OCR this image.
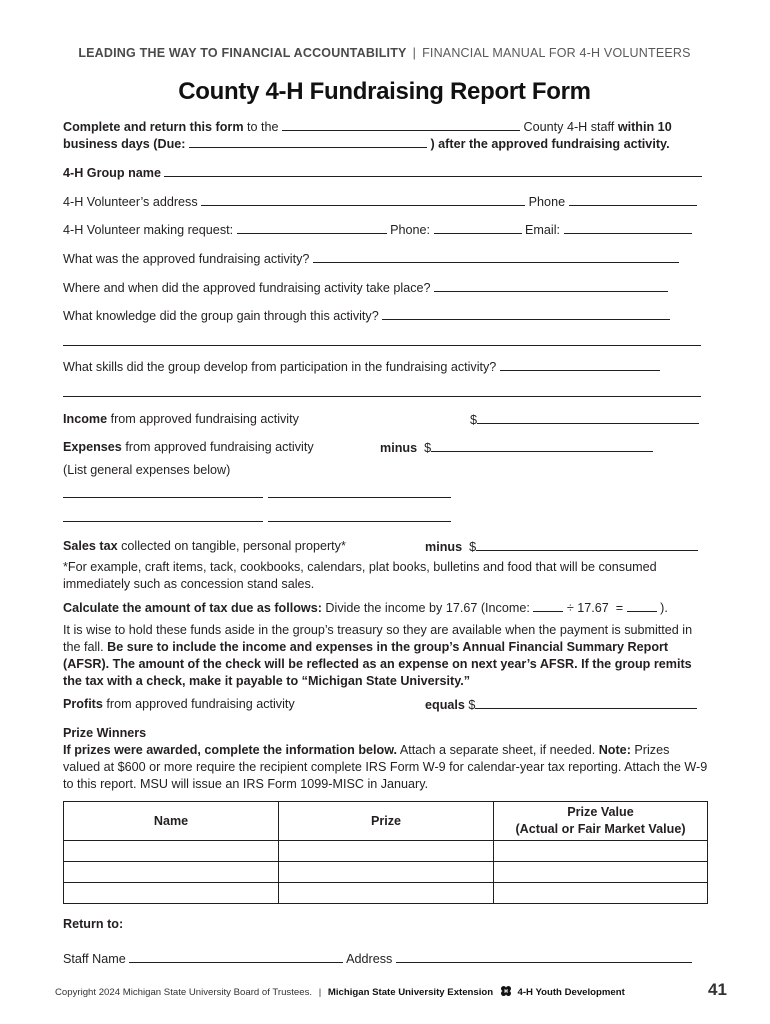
LEADING THE WAY TO FINANCIAL ACCOUNTABILITY | FINANCIAL MANUAL FOR 4-H VOLUNTEERS
County 4-H Fundraising Report Form
Complete and return this form to the	County 4-H staff within 10
business days (Due:	) after the approved fundraising activity.
4-H Group name
4-H Volunteer’s address	Phone
4-H Volunteer making request:	Phone:	Email:
What was the approved fundraising activity?
Where and when did the approved fundraising activity take place?
What knowledge did the group gain through this activity?
What skills did the group develop from participation in the fundraising activity?
Income from approved fundraising activity	$
Expenses from approved fundraising activity	minus $
(List general expenses below)
Sales tax collected on tangible, personal property*	minus $
*For example, craft items, tack, cookbooks, calendars, plat books, bulletins and food that will be consumed immediately such as concession stand sales.
Calculate the amount of tax due as follows: Divide the income by 17.67 (Income:	÷ 17.67 =	).
It is wise to hold these funds aside in the group’s treasury so they are available when the payment is submitted in the fall. Be sure to include the income and expenses in the group’s Annual Financial Summary Report (AFSR). The amount of the check will be reflected as an expense on next year’s AFSR. If the group remits the tax with a check, make it payable to “Michigan State University.”
Profits from approved fundraising activity	equals $
Prize Winners
If prizes were awarded, complete the information below. Attach a separate sheet, if needed. Note: Prizes valued at $600 or more require the recipient complete IRS Form W-9 for calendar-year tax reporting. Attach the W-9 to this report. MSU will issue an IRS Form 1099-MISC in January.
Name	Prize	Prize Value
(Actual or Fair Market Value)

Return to:
Staff Name	Address
Copyright 2024 Michigan State University Board of Trustees. | Michigan State University Extension H 4-H Youth Development	41
